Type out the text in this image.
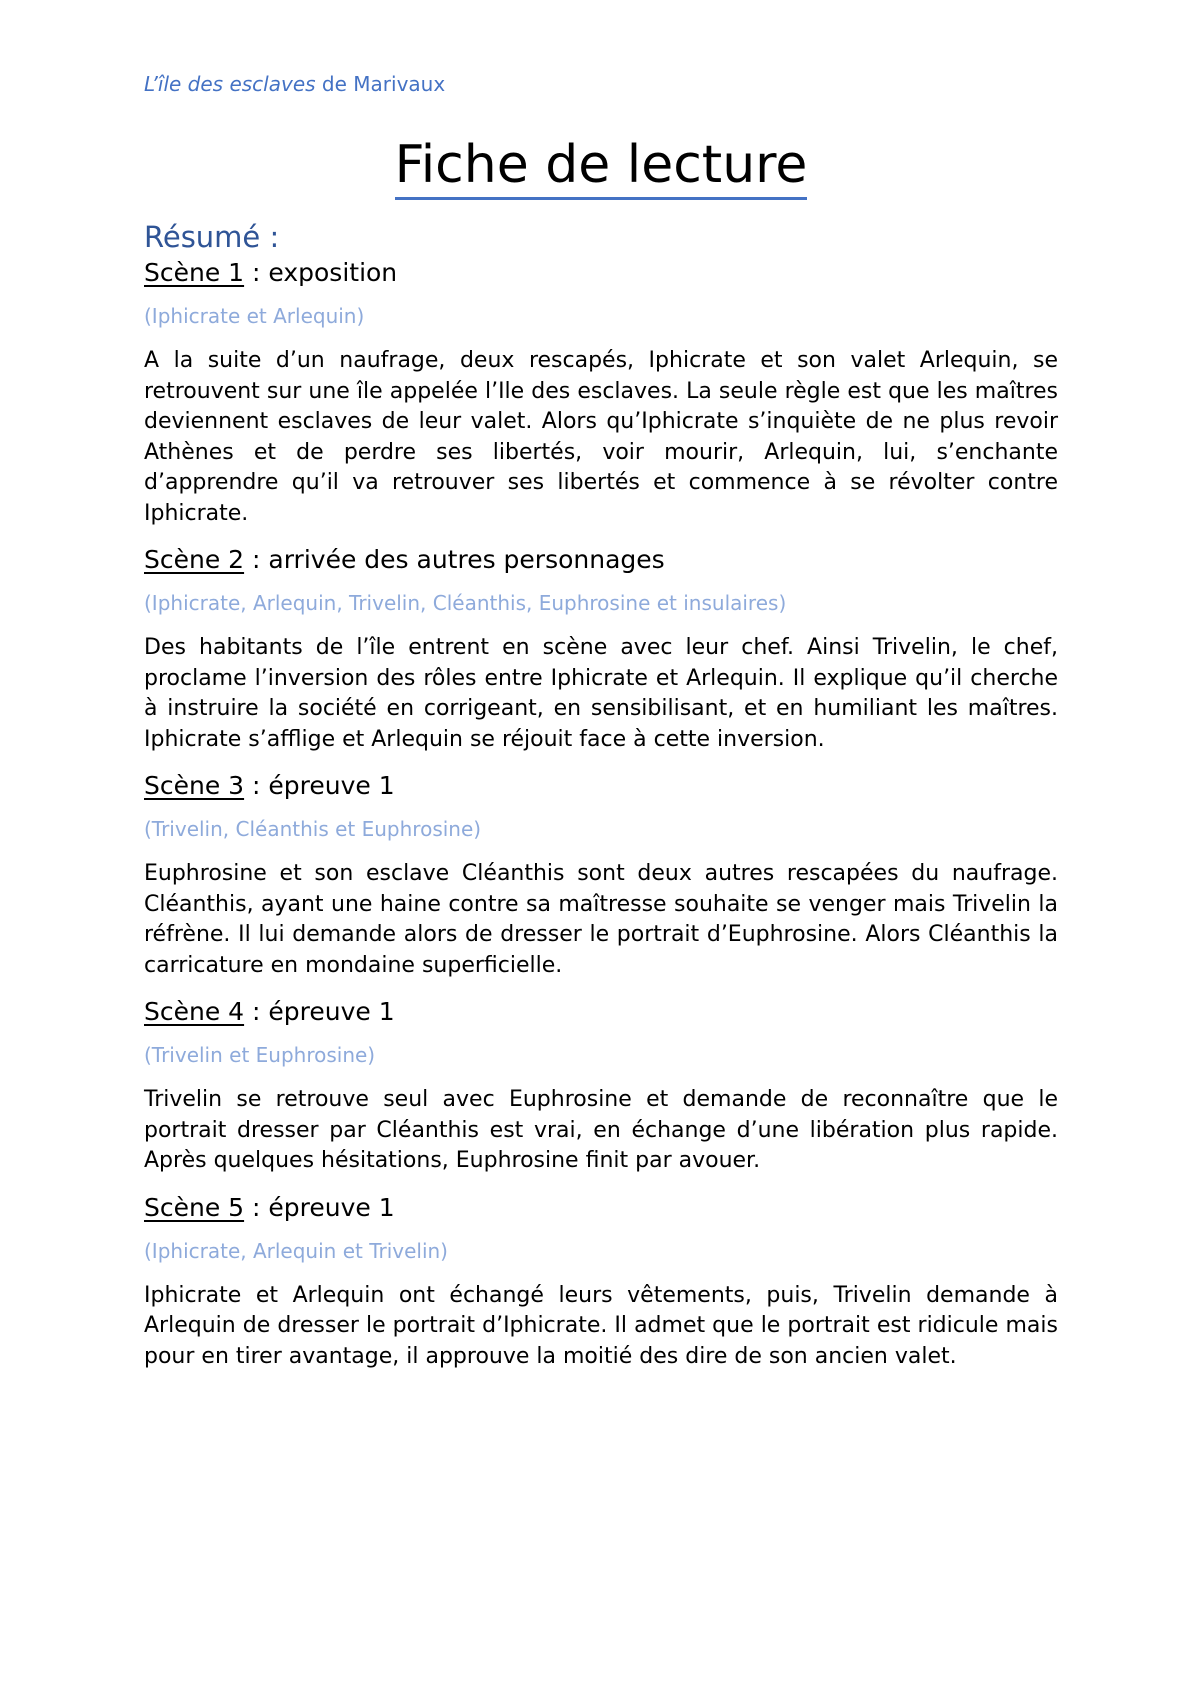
L’île des esclaves de Marivaux
Fiche de lecture
Résumé :
Scène 1 : exposition

(Iphicrate et Arlequin)

A la suite d’un naufrage, deux rescapés, Iphicrate et son valet Arlequin, se retrouvent sur une île appelée l’Ile des esclaves. La seule règle est que les maîtres deviennent esclaves de leur valet. Alors qu’Iphicrate s’inquiète de ne plus revoir Athènes et de perdre ses libertés, voir mourir, Arlequin, lui, s’enchante d’apprendre qu’il va retrouver ses libertés et commence à se révolter contre Iphicrate.

Scène 2 : arrivée des autres personnages

(Iphicrate, Arlequin, Trivelin, Cléanthis, Euphrosine et insulaires)

Des habitants de l’île entrent en scène avec leur chef. Ainsi Trivelin, le chef, proclame l’inversion des rôles entre Iphicrate et Arlequin. Il explique qu’il cherche à instruire la société en corrigeant, en sensibilisant, et en humiliant les maîtres. Iphicrate s’afflige et Arlequin se réjouit face à cette inversion.

Scène 3 : épreuve 1

(Trivelin, Cléanthis et Euphrosine)

Euphrosine et son esclave Cléanthis sont deux autres rescapées du naufrage. Cléanthis, ayant une haine contre sa maîtresse souhaite se venger mais Trivelin la réfrène. Il lui demande alors de dresser le portrait d’Euphrosine. Alors Cléanthis la carricature en mondaine superficielle.

Scène 4 : épreuve 1

(Trivelin et Euphrosine)

Trivelin se retrouve seul avec Euphrosine et demande de reconnaître que le portrait dresser par Cléanthis est vrai, en échange d’une libération plus rapide. Après quelques hésitations, Euphrosine finit par avouer.

Scène 5 : épreuve 1

(Iphicrate, Arlequin et Trivelin)

Iphicrate et Arlequin ont échangé leurs vêtements, puis, Trivelin demande à Arlequin de dresser le portrait d’Iphicrate. Il admet que le portrait est ridicule mais pour en tirer avantage, il approuve la moitié des dire de son ancien valet.
